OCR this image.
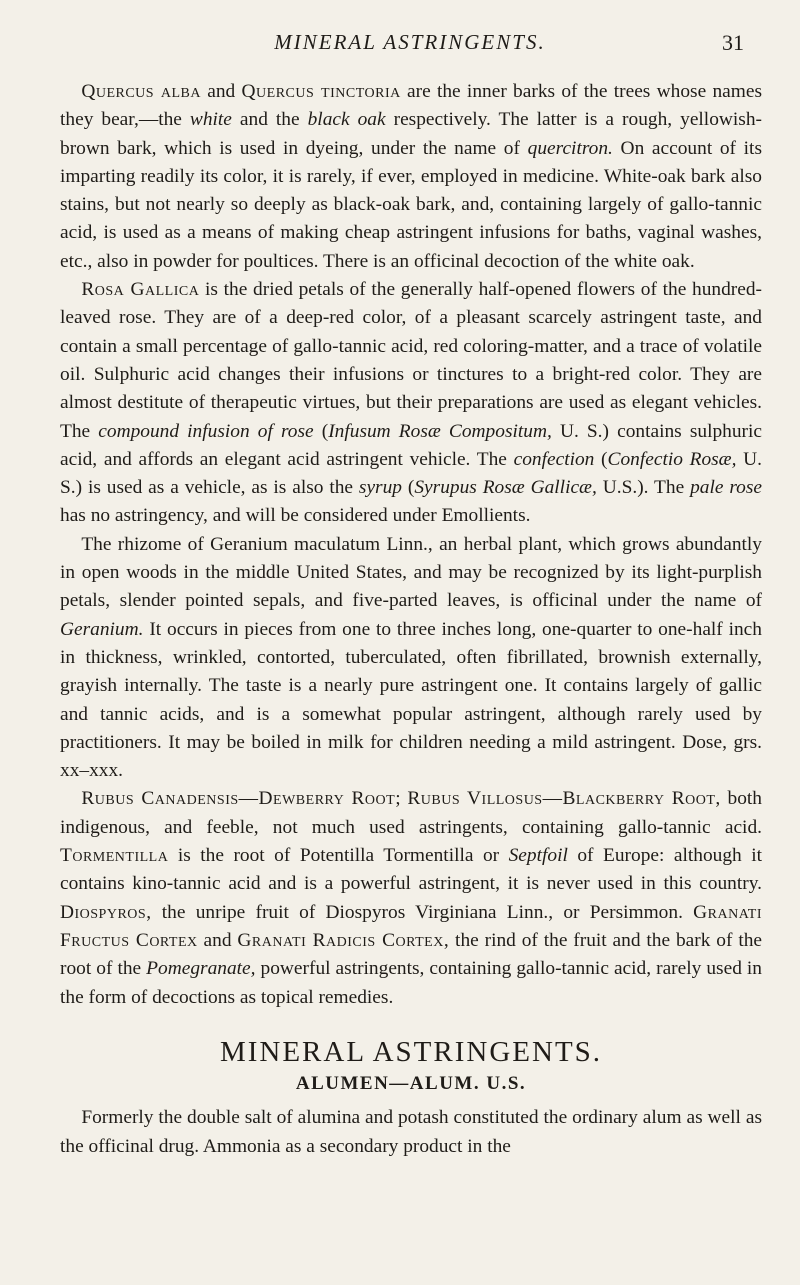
MINERAL ASTRINGENTS.	31

Quercus alba and Quercus tinctoria are the inner barks of the trees whose names they bear,—the white and the black oak respectively. The latter is a rough, yellowish-brown bark, which is used in dyeing, under the name of quercitron. On account of its imparting readily its color, it is rarely, if ever, employed in medicine. White-oak bark also stains, but not nearly so deeply as black-oak bark, and, containing largely of gallo-tannic acid, is used as a means of making cheap astringent infusions for baths, vaginal washes, etc., also in powder for poultices. There is an officinal decoction of the white oak.

Rosa Gallica is the dried petals of the generally half-opened flowers of the hundred-leaved rose. They are of a deep-red color, of a pleasant scarcely astringent taste, and contain a small percentage of gallo-tannic acid, red coloring-matter, and a trace of volatile oil. Sulphuric acid changes their infusions or tinctures to a bright-red color. They are almost destitute of therapeutic virtues, but their preparations are used as elegant vehicles. The compound infusion of rose (Infusum Rosæ Compositum, U. S.) contains sulphuric acid, and affords an elegant acid astringent vehicle. The confection (Confectio Rosæ, U. S.) is used as a vehicle, as is also the syrup (Syrupus Rosæ Gallicæ, U.S.). The pale rose has no astringency, and will be considered under Emollients.

The rhizome of Geranium maculatum Linn., an herbal plant, which grows abundantly in open woods in the middle United States, and may be recognized by its light-purplish petals, slender pointed sepals, and five-parted leaves, is officinal under the name of Geranium. It occurs in pieces from one to three inches long, one-quarter to one-half inch in thickness, wrinkled, contorted, tuberculated, often fibrillated, brownish externally, grayish internally. The taste is a nearly pure astringent one. It contains largely of gallic and tannic acids, and is a somewhat popular astringent, although rarely used by practitioners. It may be boiled in milk for children needing a mild astringent. Dose, grs. xx–xxx.

Rubus Canadensis—Dewberry Root; Rubus Villosus—Blackberry Root, both indigenous, and feeble, not much used astringents, containing gallo-tannic acid. Tormentilla is the root of Potentilla Tormentilla or Septfoil of Europe: although it contains kino-tannic acid and is a powerful astringent, it is never used in this country. Diospyros, the unripe fruit of Diospyros Virginiana Linn., or Persimmon. Granati Fructus Cortex and Granati Radicis Cortex, the rind of the fruit and the bark of the root of the Pomegranate, powerful astringents, containing gallo-tannic acid, rarely used in the form of decoctions as topical remedies.

MINERAL ASTRINGENTS.
ALUMEN—ALUM. U.S.

Formerly the double salt of alumina and potash constituted the ordinary alum as well as the officinal drug. Ammonia as a secondary product in the
